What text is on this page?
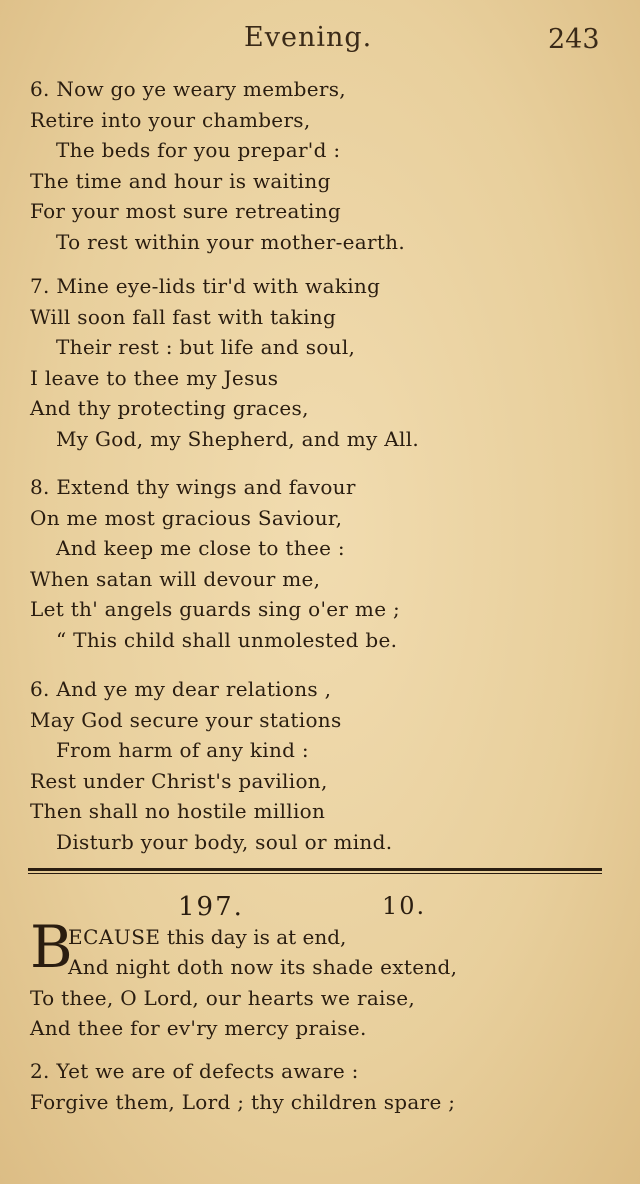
Evening.	243
6. Now go ye weary members,
Retire into your chambers,
The beds for you prepar'd :
The time and hour is waiting
For your most sure retreating
To rest within your mother-earth.
7. Mine eye-lids tir'd with waking
Will soon fall fast with taking
Their rest : but life and soul,
I leave to thee my Jesus
And thy protecting graces,
My God, my Shepherd, and my All.
8. Extend thy wings and favour
On me most gracious Saviour,
And keep me close to thee :
When satan will devour me,
Let th' angels guards sing o'er me ;
“ This child shall unmolested be.
6. And ye my dear relations ,
May God secure your stations
From harm of any kind :
Rest under Christ's pavilion,
Then shall no hostile million
Disturb your body, soul or mind.
197.	10.
B
ECAUSE this day is at end,
And night doth now its shade extend,
To thee, O Lord, our hearts we raise,
And thee for ev'ry mercy praise.
2. Yet we are of defects aware :
Forgive them, Lord ; thy children spare ;
